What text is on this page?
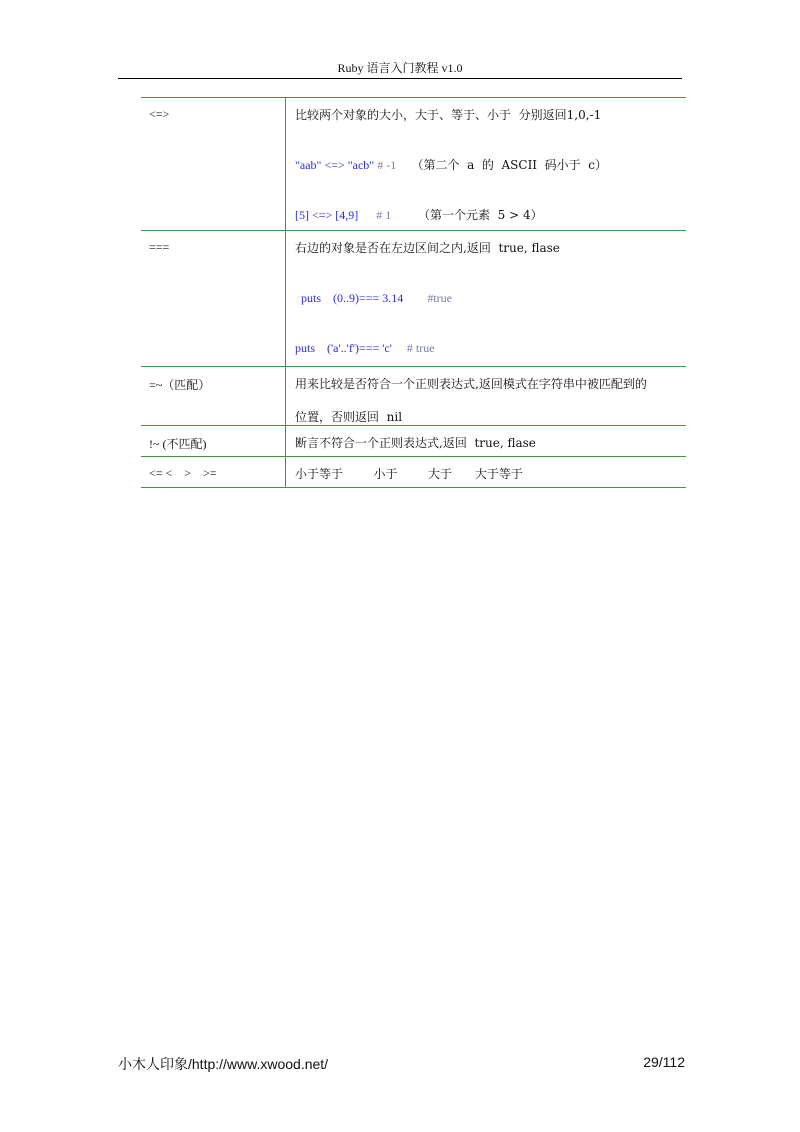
Ruby 语言入门教程 v1.0
<=>	比较两个对象的大小，大于、等于、小于  分别返回1,0,-1
"aab" <=> "acb" # -1    （第二个  a  的  ASCII  码小于  c）
[5] <=> [4,9]      # 1       （第一个元素  5 > 4）

===	右边的对象是否在左边区间之内,返回  true, flase
puts    (0..9)=== 3.14        #true
puts    ('a'..'f')=== 'c'     # true

=~（匹配）	用来比较是否符合一个正则表达式,返回模式在字符串中被匹配到的
位置，否则返回  nil

!~ (不匹配)	断言不符合一个正则表达式,返回  true, flase

<= <    >    >=	小于等于        小于        大于      大于等于
小木人印象/http://www.xwood.net/	29/112
